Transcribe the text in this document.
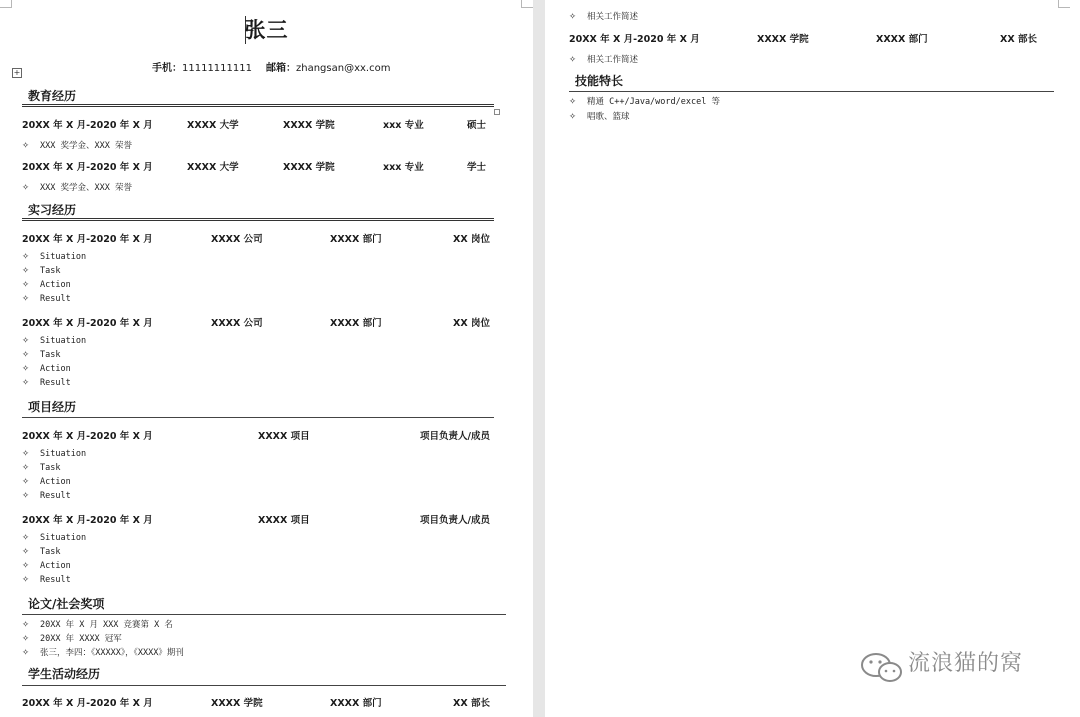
张三
手机：11111111111 邮箱：zhangsan@xx.com
+
教育经历
20XX 年 X 月-2020 年 X 月	XXXX 大学	XXXX 学院	xxx 专业	硕士
✧ XXX 奖学金、XXX 荣誉
20XX 年 X 月-2020 年 X 月	XXXX 大学	XXXX 学院	xxx 专业	学士
✧ XXX 奖学金、XXX 荣誉
实习经历
20XX 年 X 月-2020 年 X 月	XXXX 公司	XXXX 部门	XX 岗位
✧ Situation
✧ Task
✧ Action
✧ Result
20XX 年 X 月-2020 年 X 月	XXXX 公司	XXXX 部门	XX 岗位
✧ Situation
✧ Task
✧ Action
✧ Result
项目经历
20XX 年 X 月-2020 年 X 月	XXXX 项目	项目负责人/成员
✧ Situation
✧ Task
✧ Action
✧ Result
20XX 年 X 月-2020 年 X 月	XXXX 项目	项目负责人/成员
✧ Situation
✧ Task
✧ Action
✧ Result
论文/社会奖项
✧ 20XX 年 X 月 XXX 竞赛第 X 名
✧ 20XX 年 XXXX 冠军
✧ 张三，李四：《XXXXX》，《XXXX》期刊
学生活动经历
20XX 年 X 月-2020 年 X 月	XXXX 学院	XXXX 部门	XX 部长
✧ 相关工作简述
20XX 年 X 月-2020 年 X 月	XXXX 学院	XXXX 部门	XX 部长
✧ 相关工作简述
技能特长
✧ 精通 C++/Java/word/excel 等
✧ 唱歌、篮球
流浪猫的窝
